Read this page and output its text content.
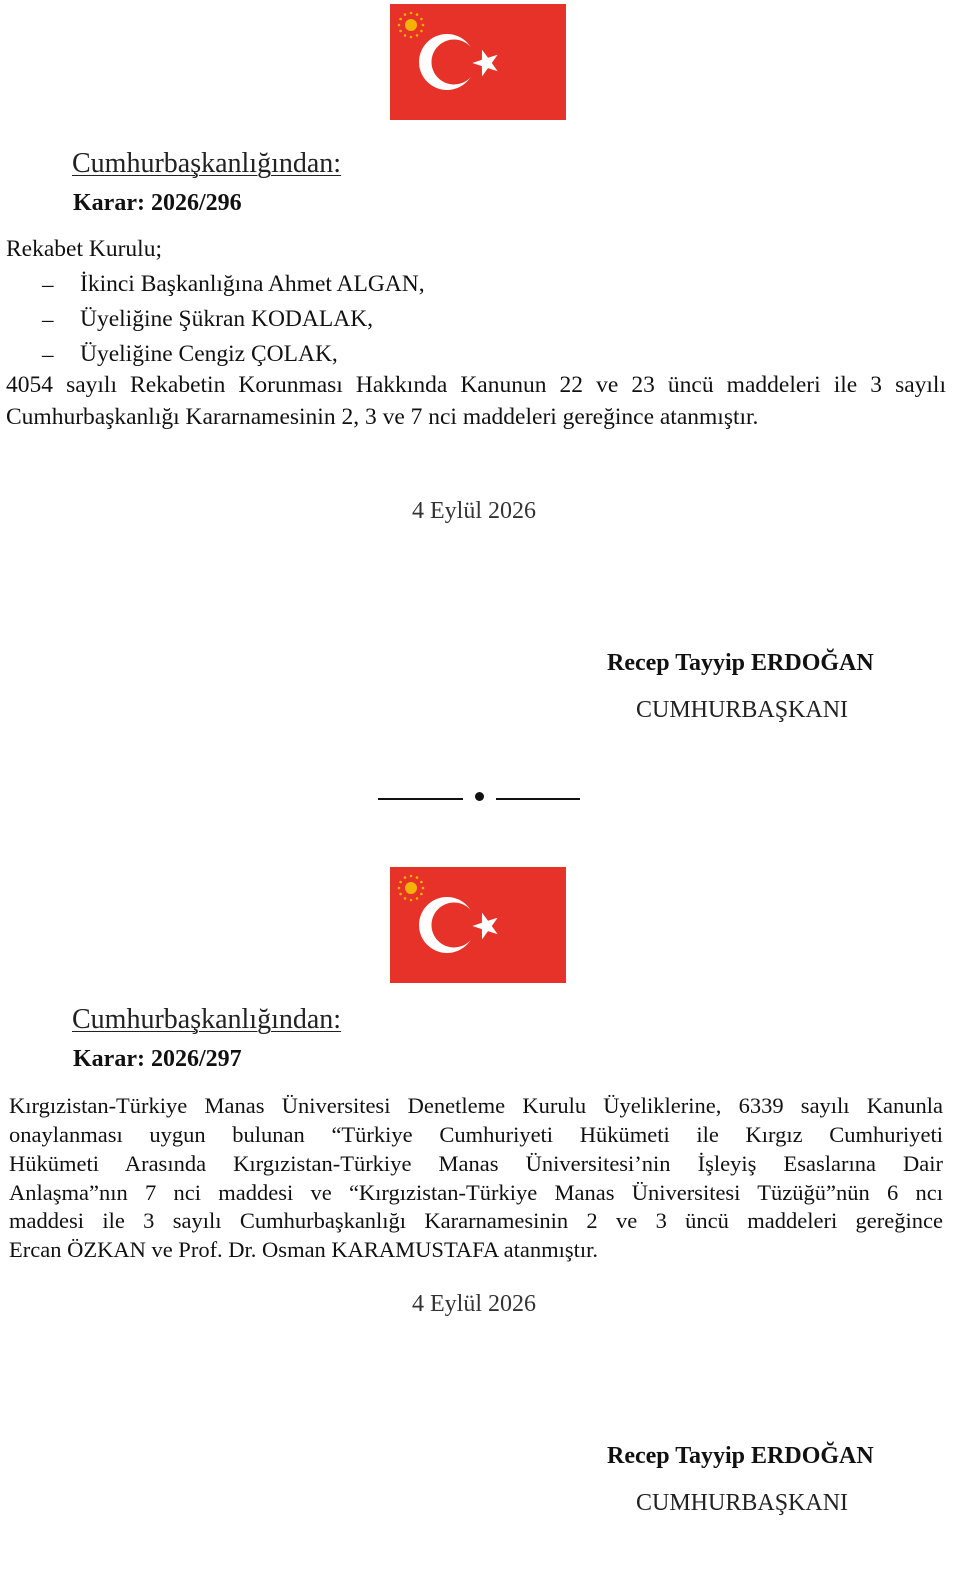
Cumhurbaşkanlığından:
Karar: 2026/296
Rekabet Kurulu;
– İkinci Başkanlığına Ahmet ALGAN,
– Üyeliğine Şükran KODALAK,
– Üyeliğine Cengiz ÇOLAK,
4054 sayılı Rekabetin Korunması Hakkında Kanunun 22 ve 23 üncü maddeleri ile 3 sayılı
Cumhurbaşkanlığı Kararnamesinin 2, 3 ve 7 nci maddeleri gereğince atanmıştır.
4 Eylül 2026
Recep Tayyip ERDOĞAN
CUMHURBAŞKANI
Cumhurbaşkanlığından:
Karar: 2026/297
Kırgızistan-Türkiye Manas Üniversitesi Denetleme Kurulu Üyeliklerine, 6339 sayılı Kanunla
onaylanması uygun bulunan “Türkiye Cumhuriyeti Hükümeti ile Kırgız Cumhuriyeti
Hükümeti Arasında Kırgızistan-Türkiye Manas Üniversitesi’nin İşleyiş Esaslarına Dair
Anlaşma”nın 7 nci maddesi ve “Kırgızistan-Türkiye Manas Üniversitesi Tüzüğü”nün 6 ncı
maddesi ile 3 sayılı Cumhurbaşkanlığı Kararnamesinin 2 ve 3 üncü maddeleri gereğince
Ercan ÖZKAN ve Prof. Dr. Osman KARAMUSTAFA atanmıştır.
4 Eylül 2026
Recep Tayyip ERDOĞAN
CUMHURBAŞKANI
